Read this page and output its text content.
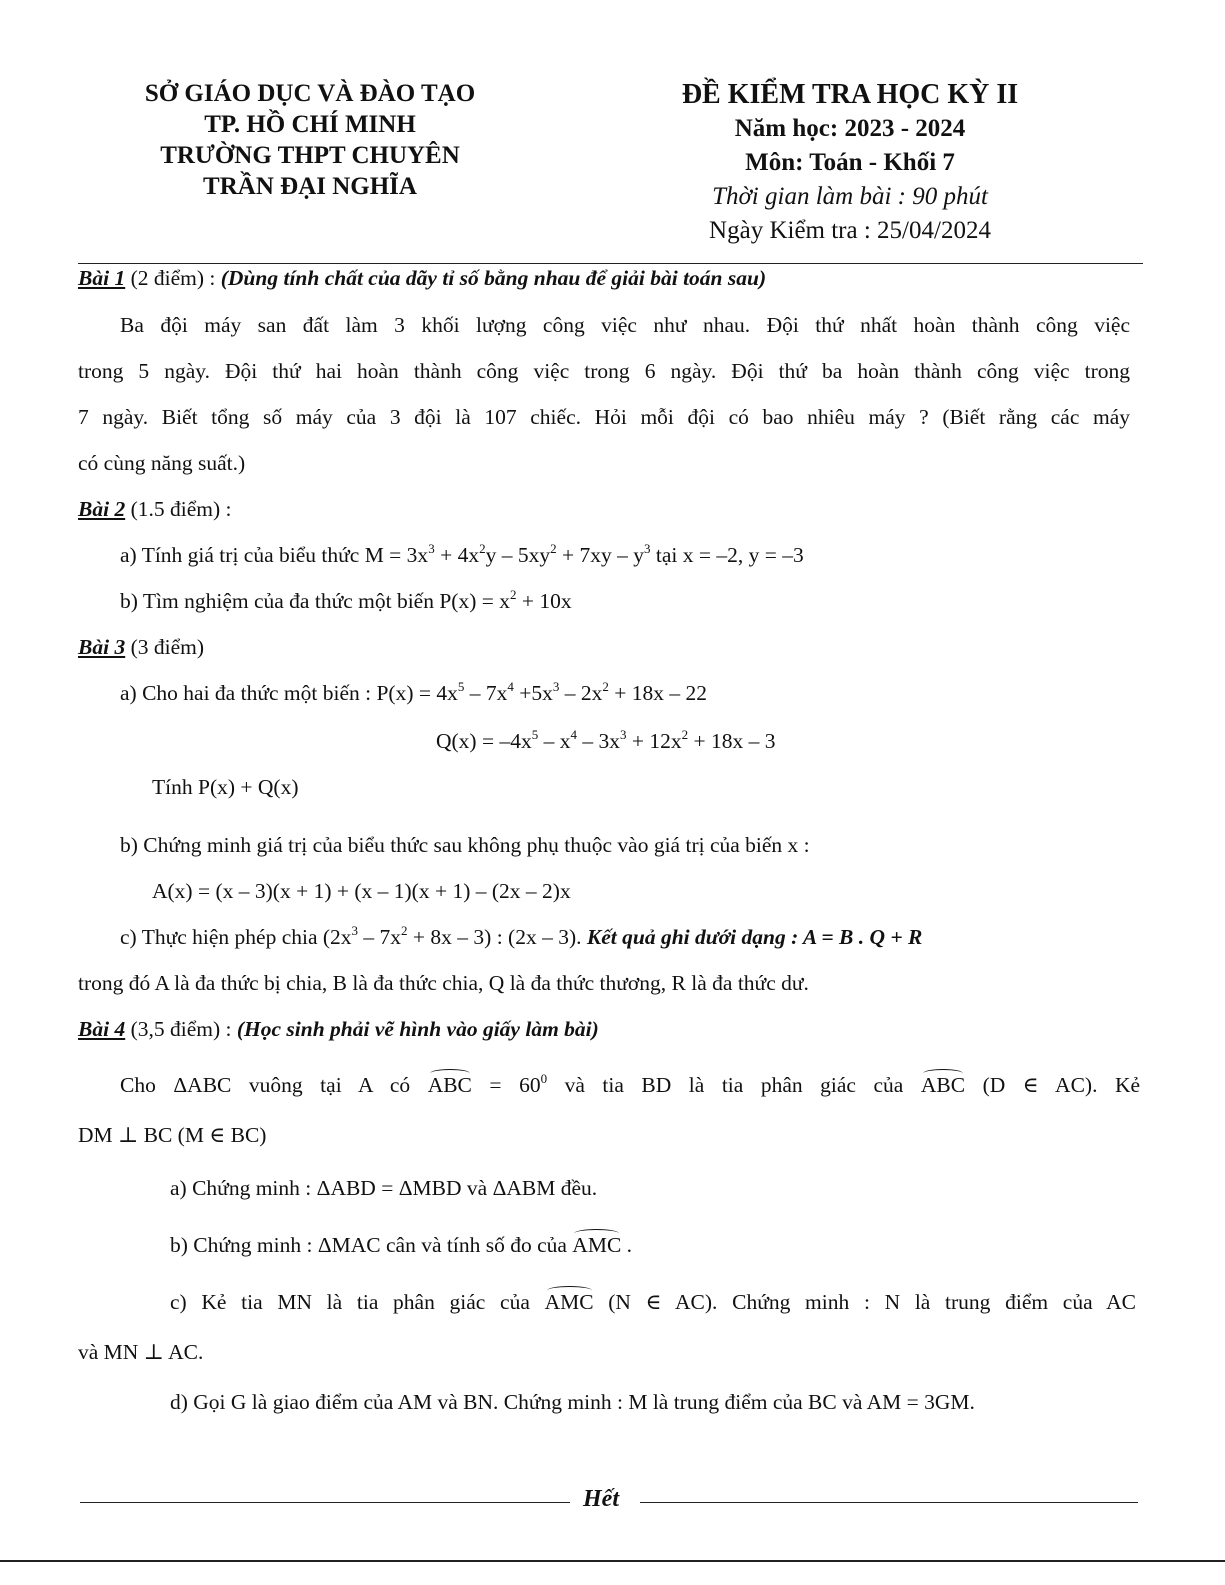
SỞ GIÁO DỤC VÀ ĐÀO TẠO
TP. HỒ CHÍ MINH
TRƯỜNG THPT CHUYÊN
TRẦN ĐẠI NGHĨA
ĐỀ KIỂM TRA HỌC KỲ II
Năm học: 2023 - 2024
Môn: Toán - Khối 7
Thời gian làm bài : 90 phút
Ngày Kiểm tra : 25/04/2024
Bài 1 (2 điểm) : (Dùng tính chất của dãy tỉ số bằng nhau để giải bài toán sau)
Ba đội máy san đất làm 3 khối lượng công việc như nhau. Đội thứ nhất hoàn thành công việc
trong 5 ngày. Đội thứ hai hoàn thành công việc trong 6 ngày. Đội thứ ba hoàn thành công việc trong
7 ngày. Biết tổng số máy của 3 đội là 107 chiếc. Hỏi mỗi đội có bao nhiêu máy ? (Biết rằng các máy
có cùng năng suất.)
Bài 2 (1.5 điểm) :
a) Tính giá trị của biểu thức $M = 3x^3 + 4x^2y - 5xy^2 + 7xy - y^3$ tại x = –2, y = –3
b) Tìm nghiệm của đa thức một biến $P(x) = x^2 + 10x$
Bài 3 (3 điểm)
a) Cho hai đa thức một biến : $P(x) = 4x^5 - 7x^4 +5x^3 - 2x^2 + 18x - 22$
$Q(x) = -4x^5 - x^4 - 3x^3 + 12x^2 + 18x - 3$
Tính P(x) + Q(x)
b) Chứng minh giá trị của biểu thức sau không phụ thuộc vào giá trị của biến x :
A(x) = (x – 3)(x + 1) + (x – 1)(x + 1) – (2x – 2)x
c) Thực hiện phép chia $(2x^3 - 7x^2 + 8x - 3)$ : (2x – 3). Kết quả ghi dưới dạng : A = B . Q + R
trong đó A là đa thức bị chia, B là đa thức chia, Q là đa thức thương, R là đa thức dư.
Bài 4 (3,5 điểm) : (Học sinh phải vẽ hình vào giấy làm bài)
Cho ΔABC vuông tại A có ABC = $60^0$ và tia BD là tia phân giác của ABC (D ∈ AC). Kẻ
DM ⊥ BC (M ∈ BC)
a) Chứng minh : ΔABD = ΔMBD và ΔABM đều.
b) Chứng minh : ΔMAC cân và tính số đo của AMC .
c) Kẻ tia MN là tia phân giác của AMC (N ∈ AC). Chứng minh : N là trung điểm của AC
và MN ⊥ AC.
d) Gọi G là giao điểm của AM và BN. Chứng minh : M là trung điểm của BC và AM = 3GM.
Hết
